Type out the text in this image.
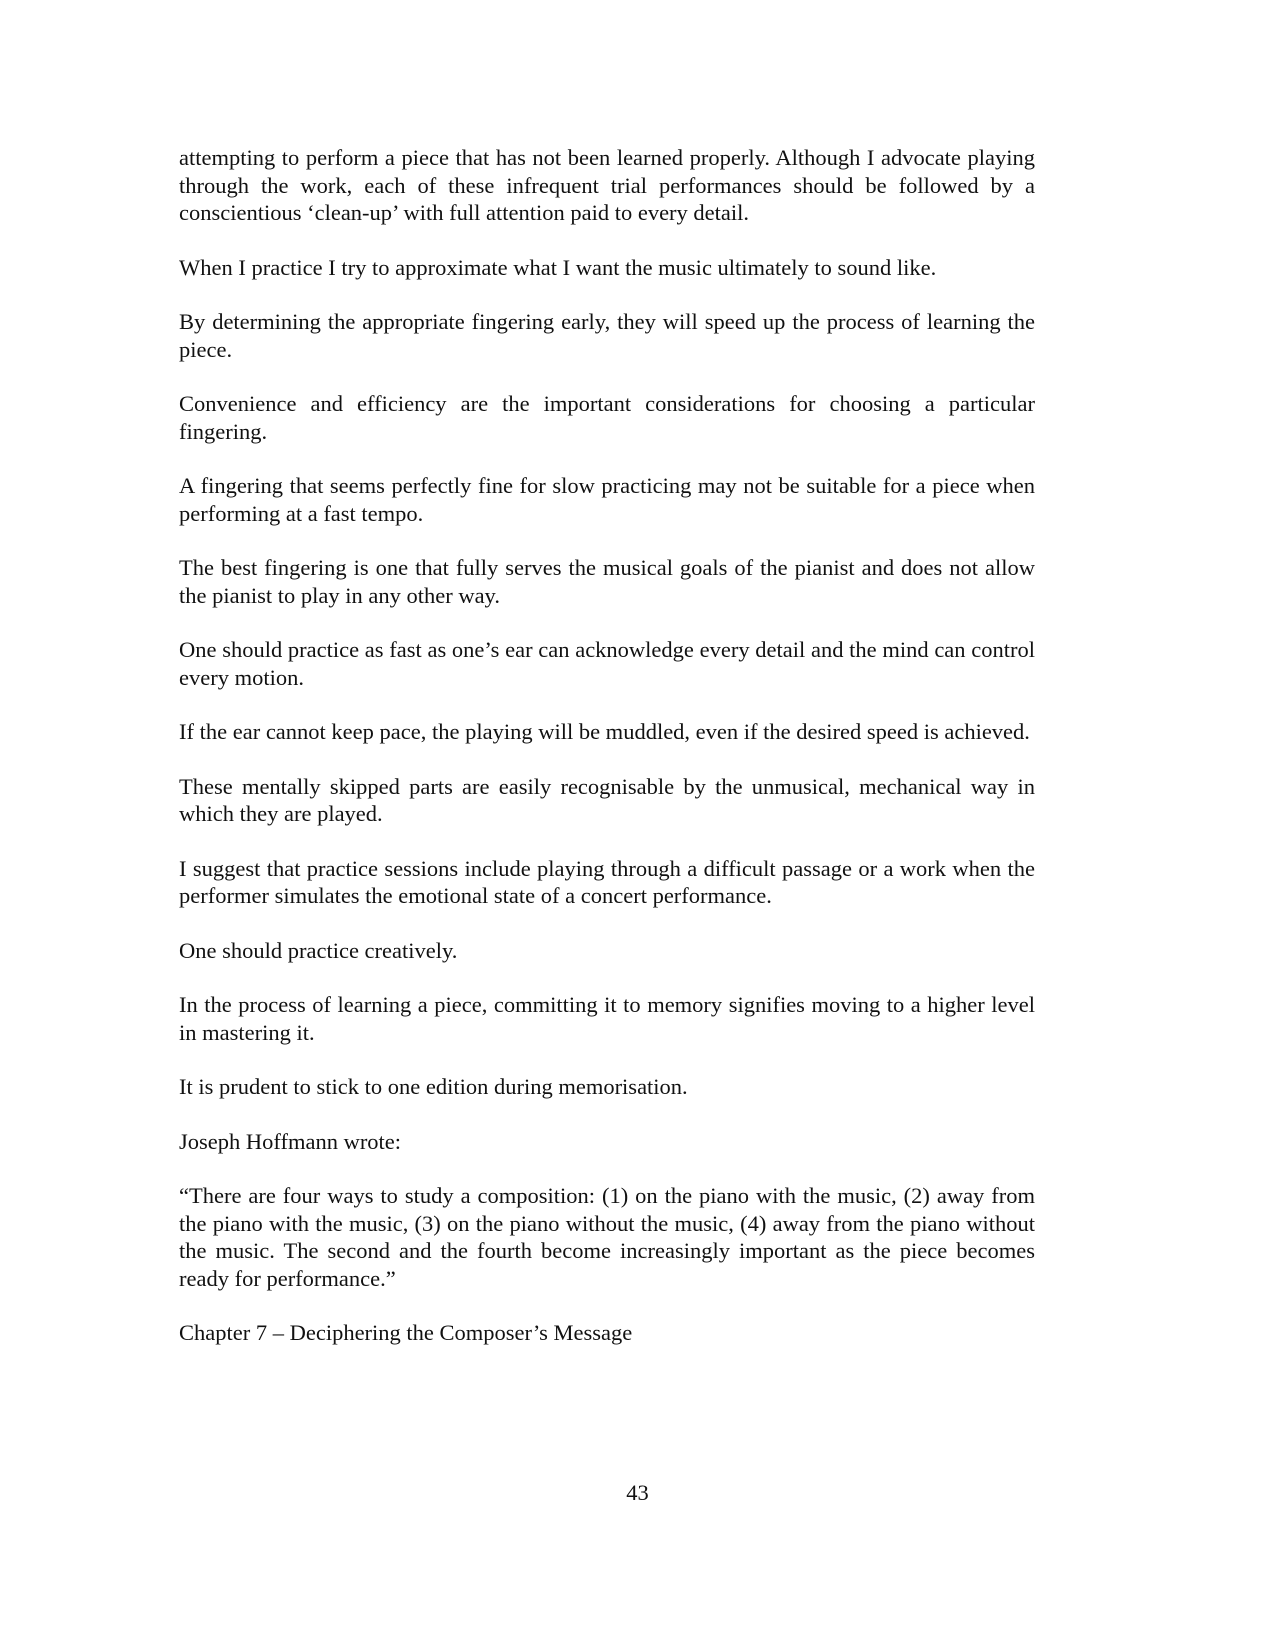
attempting to perform a piece that has not been learned properly. Although I advocate playing through the work, each of these infrequent trial performances should be followed by a conscientious ‘clean-up’ with full attention paid to every detail.

When I practice I try to approximate what I want the music ultimately to sound like.

By determining the appropriate fingering early, they will speed up the process of learning the piece.

Convenience and efficiency are the important considerations for choosing a particular fingering.

A fingering that seems perfectly fine for slow practicing may not be suitable for a piece when performing at a fast tempo.

The best fingering is one that fully serves the musical goals of the pianist and does not allow the pianist to play in any other way.

One should practice as fast as one’s ear can acknowledge every detail and the mind can control every motion.

If the ear cannot keep pace, the playing will be muddled, even if the desired speed is achieved.

These mentally skipped parts are easily recognisable by the unmusical, mechanical way in which they are played.

I suggest that practice sessions include playing through a difficult passage or a work when the performer simulates the emotional state of a concert performance.

One should practice creatively.

In the process of learning a piece, committing it to memory signifies moving to a higher level in mastering it.

It is prudent to stick to one edition during memorisation.

Joseph Hoffmann wrote:

“There are four ways to study a composition: (1) on the piano with the music, (2) away from the piano with the music, (3) on the piano without the music, (4) away from the piano without the music. The second and the fourth become increasingly important as the piece becomes ready for performance.”

Chapter 7 – Deciphering the Composer’s Message

43
